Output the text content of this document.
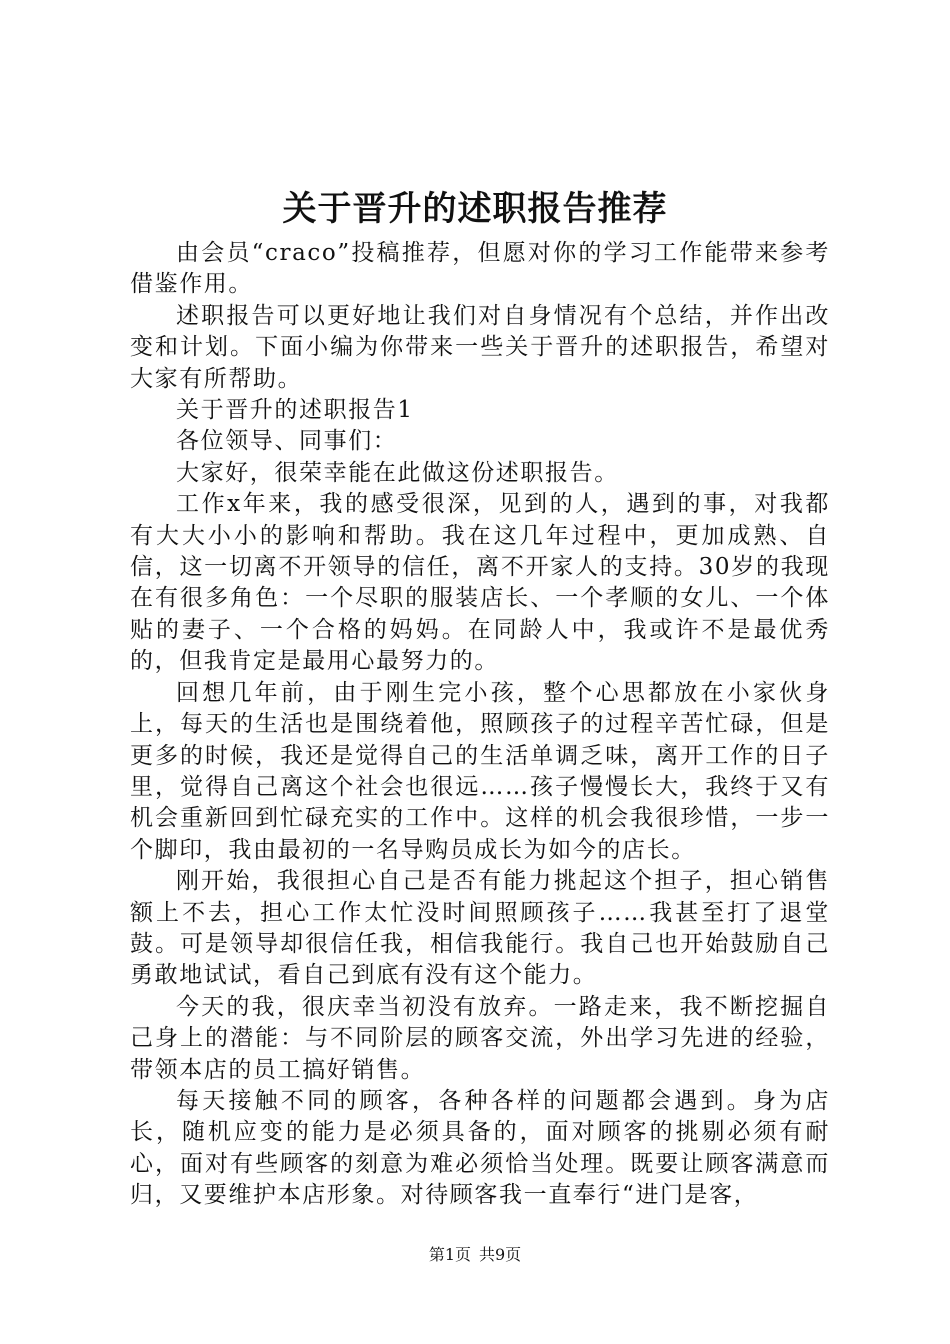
关于晋升的述职报告推荐

由会员“craco”投稿推荐，但愿对你的学习工作能带来参考借鉴作用。

述职报告可以更好地让我们对自身情况有个总结，并作出改变和计划。下面小编为你带来一些关于晋升的述职报告，希望对大家有所帮助。

关于晋升的述职报告1

各位领导、同事们：

大家好，很荣幸能在此做这份述职报告。

工作x年来，我的感受很深，见到的人，遇到的事，对我都有大大小小的影响和帮助。我在这几年过程中，更加成熟、自信，这一切离不开领导的信任，离不开家人的支持。30岁的我现在有很多角色：一个尽职的服装店长、一个孝顺的女儿、一个体贴的妻子、一个合格的妈妈。在同龄人中，我或许不是最优秀的，但我肯定是最用心最努力的。

回想几年前，由于刚生完小孩，整个心思都放在小家伙身上，每天的生活也是围绕着他，照顾孩子的过程辛苦忙碌，但是更多的时候，我还是觉得自己的生活单调乏味，离开工作的日子里，觉得自己离这个社会也很远……孩子慢慢长大，我终于又有机会重新回到忙碌充实的工作中。这样的机会我很珍惜，一步一个脚印，我由最初的一名导购员成长为如今的店长。

刚开始，我很担心自己是否有能力挑起这个担子，担心销售额上不去，担心工作太忙没时间照顾孩子……我甚至打了退堂鼓。可是领导却很信任我，相信我能行。我自己也开始鼓励自己勇敢地试试，看自己到底有没有这个能力。

今天的我，很庆幸当初没有放弃。一路走来，我不断挖掘自己身上的潜能：与不同阶层的顾客交流，外出学习先进的经验，带领本店的员工搞好销售。

每天接触不同的顾客，各种各样的问题都会遇到。身为店长，随机应变的能力是必须具备的，面对顾客的挑剔必须有耐心，面对有些顾客的刻意为难必须恰当处理。既要让顾客满意而归，又要维护本店形象。对待顾客我一直奉行“进门是客，

第1页 共9页
